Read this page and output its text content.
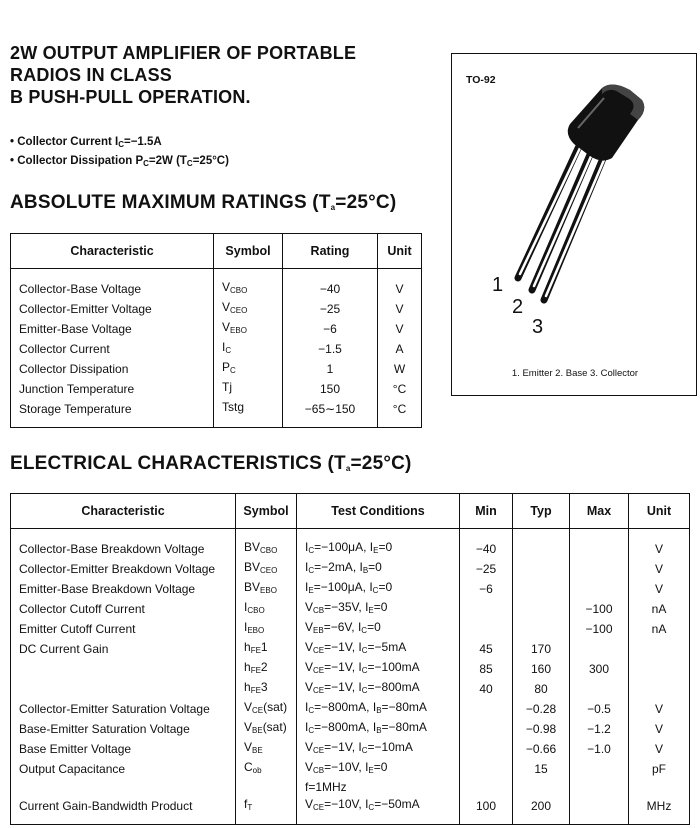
2W OUTPUT AMPLIFIER OF PORTABLE
RADIOS IN CLASS
B PUSH-PULL OPERATION.
• Collector Current $I_C=-1.5A$
• Collector Dissipation $P_C=2W$ $(T_C=25^\circ C)$
ABSOLUTE MAXIMUM RATINGS $(T_a=25^\circ C)$
Characteristic	Symbol	Rating	Unit
Collector-Base Voltage	$V_{CBO}$	−40	V
Collector-Emitter Voltage	$V_{CEO}$	−25	V
Emitter-Base Voltage	$V_{EBO}$	−6	V
Collector Current	$I_C$	−1.5	A
Collector Dissipation	$P_C$	1	W
Junction Temperature	Tj	150	°C
Storage Temperature	Tstg	−65∼150	°C
TO-92
1
2
3
1. Emitter 2. Base 3. Collector
ELECTRICAL CHARACTERISTICS $(T_a=25^\circ C)$
Characteristic	Symbol	Test Conditions	Min	Typ	Max	Unit
Collector-Base Breakdown Voltage	$BV_{CBO}$	$I_C=-100\mu A$, $I_E=0$	−40			V
Collector-Emitter Breakdown Voltage	$BV_{CEO}$	$I_C=-2mA$, $I_B=0$	−25			V
Emitter-Base Breakdown Voltage	$BV_{EBO}$	$I_E=-100\mu A$, $I_C=0$	−6			V
Collector Cutoff Current	$I_{CBO}$	$V_{CB}=-35V$, $I_E=0$			−100	nA
Emitter Cutoff Current	$I_{EBO}$	$V_{EB}=-6V$, $I_C=0$			−100	nA
DC Current Gain	$h_{FE}1$	$V_{CE}=-1V$, $I_C=-5mA$	45	170		
	$h_{FE}2$	$V_{CE}=-1V$, $I_C=-100mA$	85	160	300	
	$h_{FE}3$	$V_{CE}=-1V$, $I_C=-800mA$	40	80		
Collector-Emitter Saturation Voltage	$V_{CE}(sat)$	$I_C=-800mA$, $I_B=-80mA$		−0.28	−0.5	V
Base-Emitter Saturation Voltage	$V_{BE}(sat)$	$I_C=-800mA$, $I_B=-80mA$		−0.98	−1.2	V
Base Emitter Voltage	$V_{BE}$	$V_{CE}=-1V$, $I_C=-10mA$		−0.66	−1.0	V
Output Capacitance	$C_{ob}$	$V_{CB}=-10V$, $I_E=0$		15		pF
		f=1MHz				
Current Gain-Bandwidth Product	$f_T$	$V_{CE}=-10V$, $I_C=-50mA$	100	200		MHz
